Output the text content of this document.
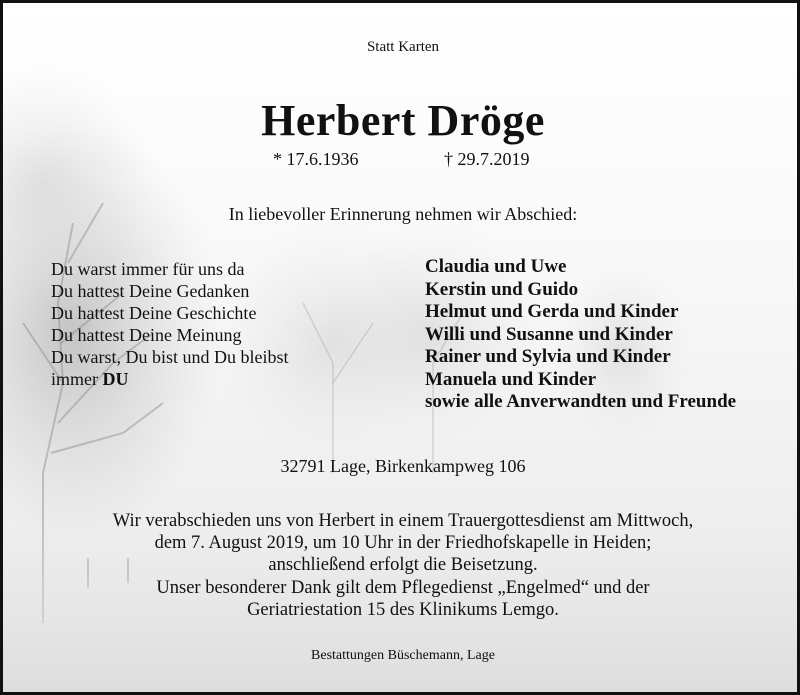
Statt Karten
Herbert Dröge
* 17.6.1936	† 29.7.2019
In liebevoller Erinnerung nehmen wir Abschied:
Du warst immer für uns da
Du hattest Deine Gedanken
Du hattest Deine Geschichte
Du hattest Deine Meinung
Du warst, Du bist und Du bleibst
immer DU
Claudia und Uwe
Kerstin und Guido
Helmut und Gerda und Kinder
Willi und Susanne und Kinder
Rainer und Sylvia und Kinder
Manuela und Kinder
sowie alle Anverwandten und Freunde
32791 Lage, Birkenkampweg 106
Wir verabschieden uns von Herbert in einem Trauergottesdienst am Mittwoch,
dem 7. August 2019, um 10 Uhr in der Friedhofskapelle in Heiden;
anschließend erfolgt die Beisetzung.
Unser besonderer Dank gilt dem Pflegedienst „Engelmed“ und der
Geriatriestation 15 des Klinikums Lemgo.
Bestattungen Büschemann, Lage
